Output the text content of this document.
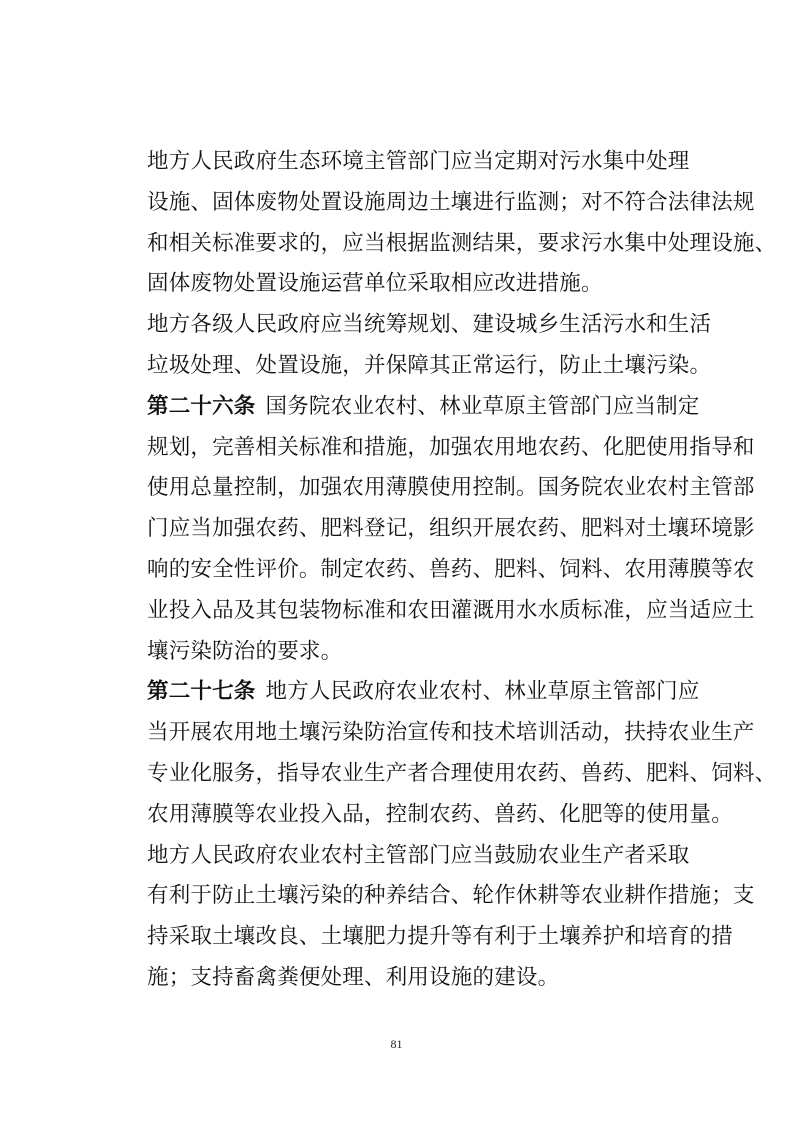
地方人民政府生态环境主管部门应当定期对污水集中处理
设施、固体废物处置设施周边土壤进行监测；对不符合法律法规
和相关标准要求的，应当根据监测结果，要求污水集中处理设施、
固体废物处置设施运营单位采取相应改进措施。

地方各级人民政府应当统筹规划、建设城乡生活污水和生活
垃圾处理、处置设施，并保障其正常运行，防止土壤污染。

第二十六条 国务院农业农村、林业草原主管部门应当制定
规划，完善相关标准和措施，加强农用地农药、化肥使用指导和
使用总量控制，加强农用薄膜使用控制。国务院农业农村主管部
门应当加强农药、肥料登记，组织开展农药、肥料对土壤环境影
响的安全性评价。制定农药、兽药、肥料、饲料、农用薄膜等农
业投入品及其包装物标准和农田灌溉用水水质标准，应当适应土
壤污染防治的要求。

第二十七条 地方人民政府农业农村、林业草原主管部门应
当开展农用地土壤污染防治宣传和技术培训活动，扶持农业生产
专业化服务，指导农业生产者合理使用农药、兽药、肥料、饲料、
农用薄膜等农业投入品，控制农药、兽药、化肥等的使用量。

地方人民政府农业农村主管部门应当鼓励农业生产者采取
有利于防止土壤污染的种养结合、轮作休耕等农业耕作措施；支
持采取土壤改良、土壤肥力提升等有利于土壤养护和培育的措
施；支持畜禽粪便处理、利用设施的建设。

81
